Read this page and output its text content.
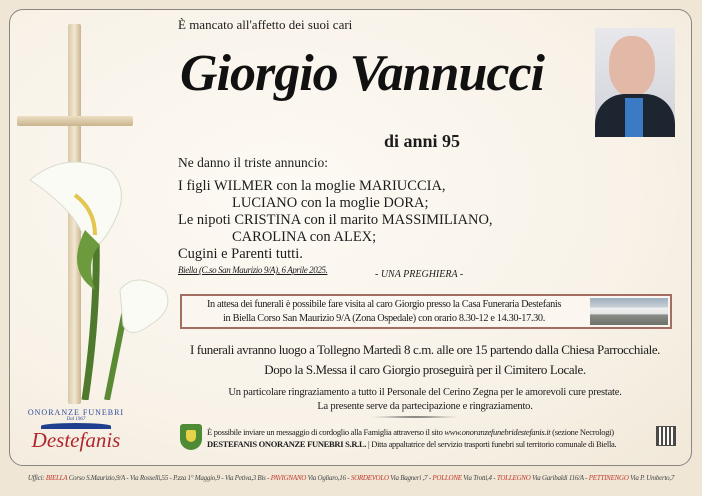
ONORANZE FUNEBRI
Dal 1967
Destefanis
È mancato all'affetto dei suoi cari
Giorgio Vannucci
di anni 95
Ne danno il triste annuncio:
I figli WILMER con la moglie MARIUCCIA,
LUCIANO con la moglie DORA;
Le nipoti CRISTINA con il marito MASSIMILIANO,
CAROLINA con ALEX;
Cugini e Parenti tutti.
Biella (C.so San Maurizio 9/A), 6 Aprile 2025.	- UNA PREGHIERA -
In attesa dei funerali è possibile fare visita al caro Giorgio presso la Casa Funeraria Destefanis
in Biella Corso San Maurizio 9/A (Zona Ospedale) con orario 8.30-12 e 14.30-17.30.
I funerali avranno luogo a Tollegno Martedì 8 c.m. alle ore 15 partendo dalla Chiesa Parrocchiale.
Dopo la S.Messa il caro Giorgio proseguirà per il Cimitero Locale.
Un particolare ringraziamento a tutto il Personale del Cerino Zegna per le amorevoli cure prestate.
La presente serve da partecipazione e ringraziamento.
È possibile inviare un messaggio di cordoglio alla Famiglia attraverso il sito www.onoranzefunebridestefanis.it (sezione Necrologi)
DESTEFANIS ONORANZE FUNEBRI S.R.L. | Ditta appaltatrice del servizio trasporti funebri sul territorio comunale di Biella.
Uffici: BIELLA Corso S.Maurizio,9/A - Via Rosselli,55 - P.zza 1° Maggio,9 - Via Petiva,3 Bis - PAVIGNANO Via Ogliaro,16 - SORDEVOLO Via Bagneri ,7 - POLLONE Via Trotti,4 - TOLLEGNO Via Garibaldi 116/A - PETTINENGO Via P. Umberto,7
